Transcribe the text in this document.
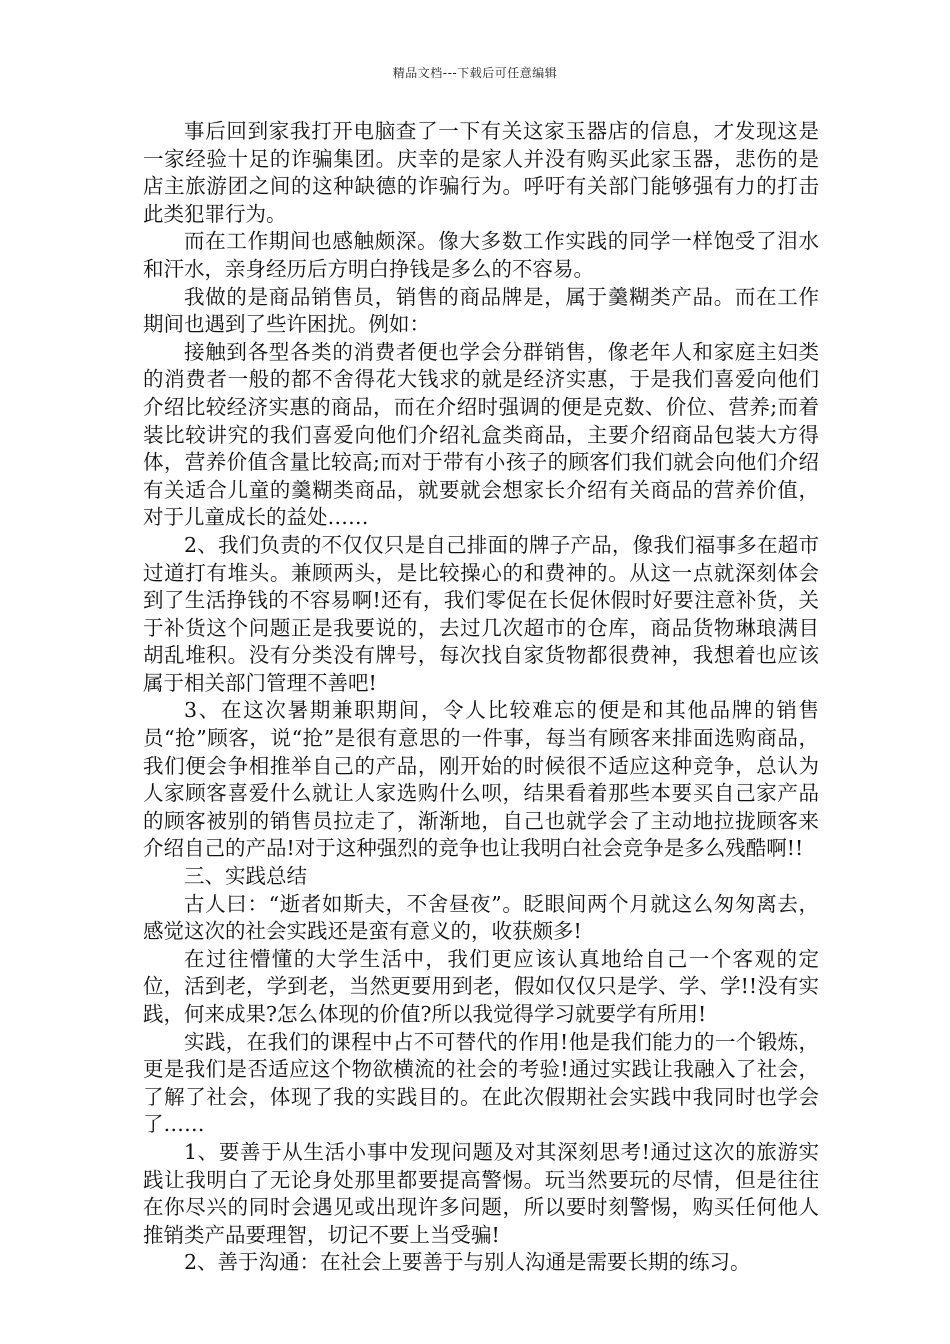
精品文档---下载后可任意编辑

事后回到家我打开电脑查了一下有关这家玉器店的信息，才发现这是一家经验十足的诈骗集团。庆幸的是家人并没有购买此家玉器，悲伤的是店主旅游团之间的这种缺德的诈骗行为。呼吁有关部门能够强有力的打击此类犯罪行为。

而在工作期间也感触颇深。像大多数工作实践的同学一样饱受了泪水和汗水，亲身经历后方明白挣钱是多么的不容易。

我做的是商品销售员，销售的商品牌是，属于羹糊类产品。而在工作期间也遇到了些许困扰。例如：

接触到各型各类的消费者便也学会分群销售，像老年人和家庭主妇类的消费者一般的都不舍得花大钱求的就是经济实惠，于是我们喜爱向他们介绍比较经济实惠的商品，而在介绍时强调的便是克数、价位、营养;而着装比较讲究的我们喜爱向他们介绍礼盒类商品，主要介绍商品包装大方得体，营养价值含量比较高;而对于带有小孩子的顾客们我们就会向他们介绍有关适合儿童的羹糊类商品，就要就会想家长介绍有关商品的营养价值，对于儿童成长的益处……

2、我们负责的不仅仅只是自己排面的牌子产品，像我们福事多在超市过道打有堆头。兼顾两头，是比较操心的和费神的。从这一点就深刻体会到了生活挣钱的不容易啊!还有，我们零促在长促休假时好要注意补货，关于补货这个问题正是我要说的，去过几次超市的仓库，商品货物琳琅满目胡乱堆积。没有分类没有牌号，每次找自家货物都很费神，我想着也应该属于相关部门管理不善吧!

3、在这次暑期兼职期间，令人比较难忘的便是和其他品牌的销售员“抢”顾客，说“抢”是很有意思的一件事，每当有顾客来排面选购商品，我们便会争相推举自己的产品，刚开始的时候很不适应这种竞争，总认为人家顾客喜爱什么就让人家选购什么呗，结果看着那些本要买自己家产品的顾客被别的销售员拉走了，渐渐地，自己也就学会了主动地拉拢顾客来介绍自己的产品!对于这种强烈的竞争也让我明白社会竞争是多么残酷啊!!

三、实践总结

古人曰：“逝者如斯夫，不舍昼夜”。眨眼间两个月就这么匆匆离去，感觉这次的社会实践还是蛮有意义的，收获颇多!

在过往懵懂的大学生活中，我们更应该认真地给自己一个客观的定位，活到老，学到老，当然更要用到老，假如仅仅只是学、学、学!!没有实践，何来成果?怎么体现的价值?所以我觉得学习就要学有所用!

实践，在我们的课程中占不可替代的作用!他是我们能力的一个锻炼，更是我们是否适应这个物欲横流的社会的考验!通过实践让我融入了社会，了解了社会，体现了我的实践目的。在此次假期社会实践中我同时也学会了……

1、要善于从生活小事中发现问题及对其深刻思考!通过这次的旅游实践让我明白了无论身处那里都要提高警惕。玩当然要玩的尽情，但是往往在你尽兴的同时会遇见或出现许多问题，所以要时刻警惕，购买任何他人推销类产品要理智，切记不要上当受骗!

2、善于沟通：在社会上要善于与别人沟通是需要长期的练习。
